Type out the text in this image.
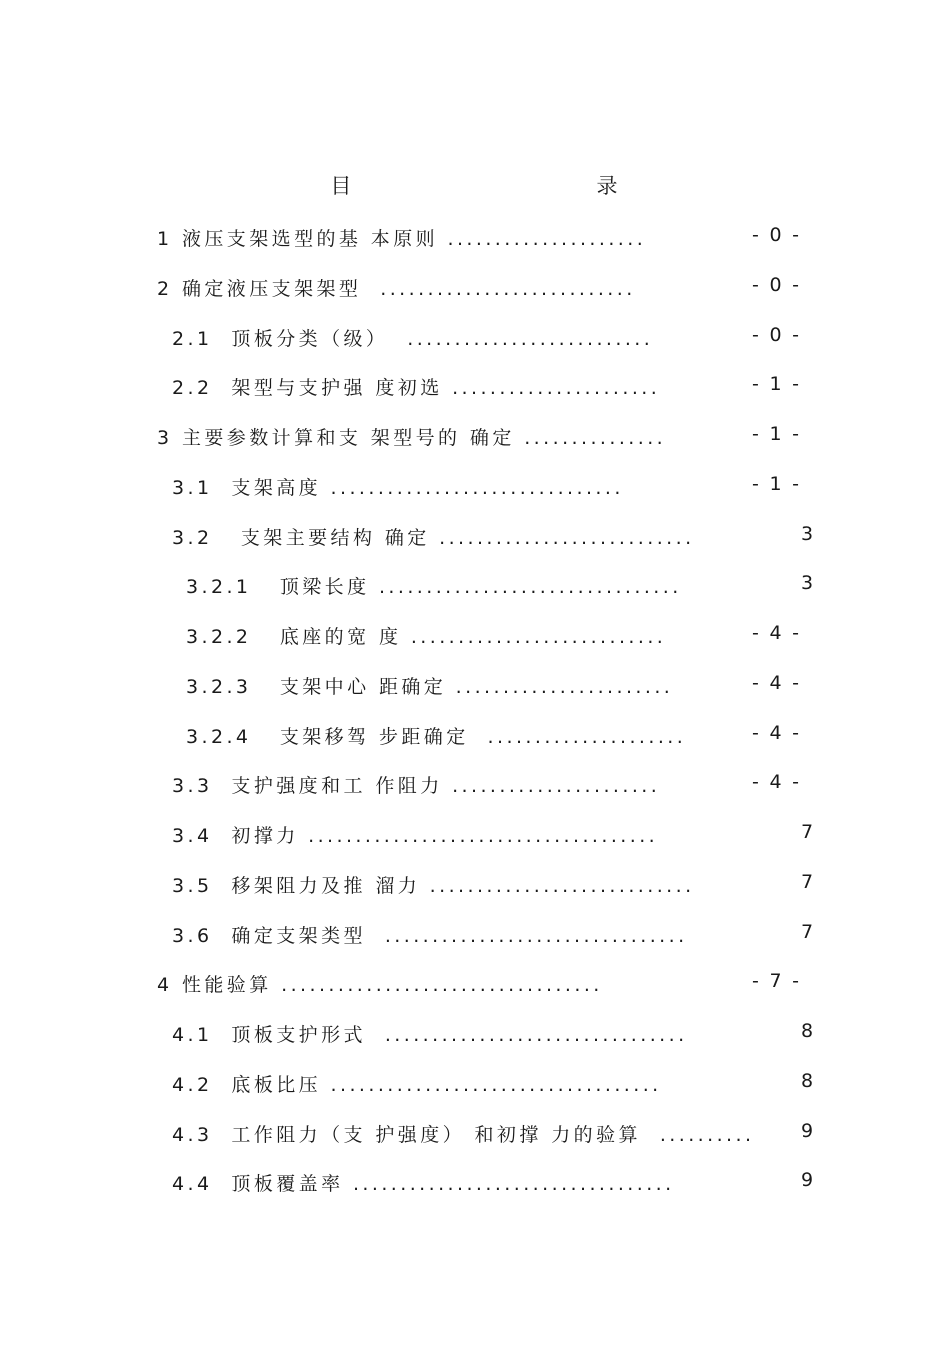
目    录
1 液压支架选型的基 本原则 .....................	- 0 -
2 确定液压支架架型  ...........................	- 0 -
2.1  顶板分类（级）  ..........................	- 0 -
2.2  架型与支护强 度初选 ......................	- 1 -
3 主要参数计算和支 架型号的 确定 ...............	- 1 -
3.1  支架高度 ...............................	- 1 -
3.2   支架主要结构 确定 ...........................	3
3.2.1   顶梁长度 ................................	3
3.2.2   底座的宽 度 ...........................	- 4 -
3.2.3   支架中心 距确定 .......................	- 4 -
3.2.4   支架移驾 步距确定  .....................	- 4 -
3.3  支护强度和工 作阻力 ......................	- 4 -
3.4  初撑力 .....................................	7
3.5  移架阻力及推 溜力 ............................	7
3.6  确定支架类型  ................................	7
4 性能验算 ..................................	- 7 -
4.1  顶板支护形式  ................................	8
4.2  底板比压 ...................................	8
4.3  工作阻力（支 护强度） 和初撑 力的验算  .......... 9
4.4  顶板覆盖率 ..................................	9
